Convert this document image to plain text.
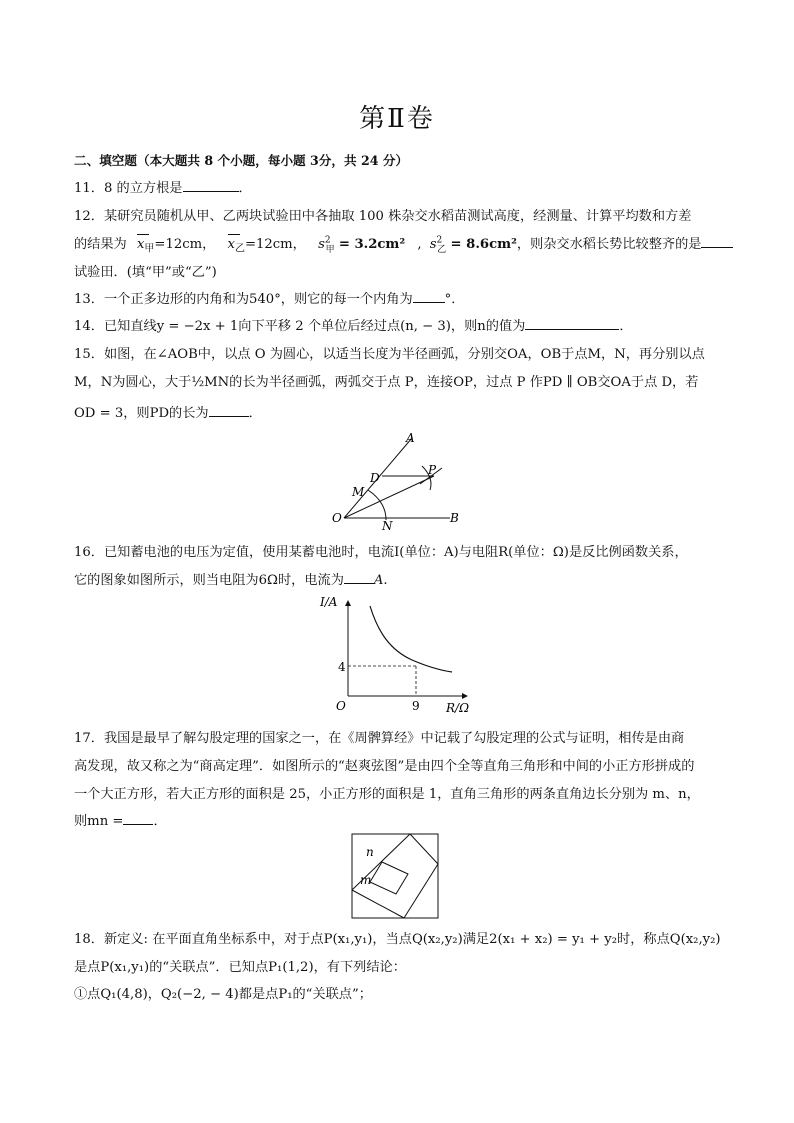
第Ⅱ卷
二、填空题（本大题共 8 个小题，每小题 3分，共 24 分）
11．8 的立方根是	．
12．某研究员随机从甲、乙两块试验田中各抽取 100 株杂交水稻苗测试高度，经测量、计算平均数和方差
的结果为 $x_甲=12cm$， $x_乙=12cm$， $s^2_甲 = 3.2cm^2$ , $s^2_乙 = 8.6cm^2$，则杂交水稻长势比较整齐的是
试验田．(填“甲”或“乙”)
13．一个正多边形的内角和为540°，则它的每一个内角为 °．
14．已知直线y = −2x + 1向下平移 2 个单位后经过点(n, − 3)，则n的值为	．
15．如图，在∠AOB中，以点 O 为圆心，以适当长度为半径画弧，分别交OA，OB于点M，N，再分别以点
M，N为圆心，大于½MN的长为半径画弧，两弧交于点 P，连接OP，过点 P 作PD ∥ OB交OA于点 D，若
OD = 3，则PD的长为	．
A
B
O
D
P
M
N
16．已知蓄电池的电压为定值，使用某蓄电池时，电流I(单位：A)与电阻R(单位：Ω)是反比例函数关系，
它的图象如图所示，则当电阻为6Ω时，电流为 A.
I/A
R/Ω
O
4
9
17．我国是最早了解勾股定理的国家之一，在《周髀算经》中记载了勾股定理的公式与证明，相传是由商
高发现，故又称之为“商高定理”．如图所示的“赵爽弦图”是由四个全等直角三角形和中间的小正方形拼成的
一个大正方形，若大正方形的面积是 25，小正方形的面积是 1，直角三角形的两条直角边长分别为 m、n，
则mn = ．
n
m
18．新定义: 在平面直角坐标系中，对于点P(x₁,y₁)，当点Q(x₂,y₂)满足2(x₁ + x₂) = y₁ + y₂时，称点Q(x₂,y₂)
是点P(x₁,y₁)的“关联点”．已知点P₁(1,2)，有下列结论：
①点Q₁(4,8)，Q₂(−2, − 4)都是点P₁的“关联点”；
